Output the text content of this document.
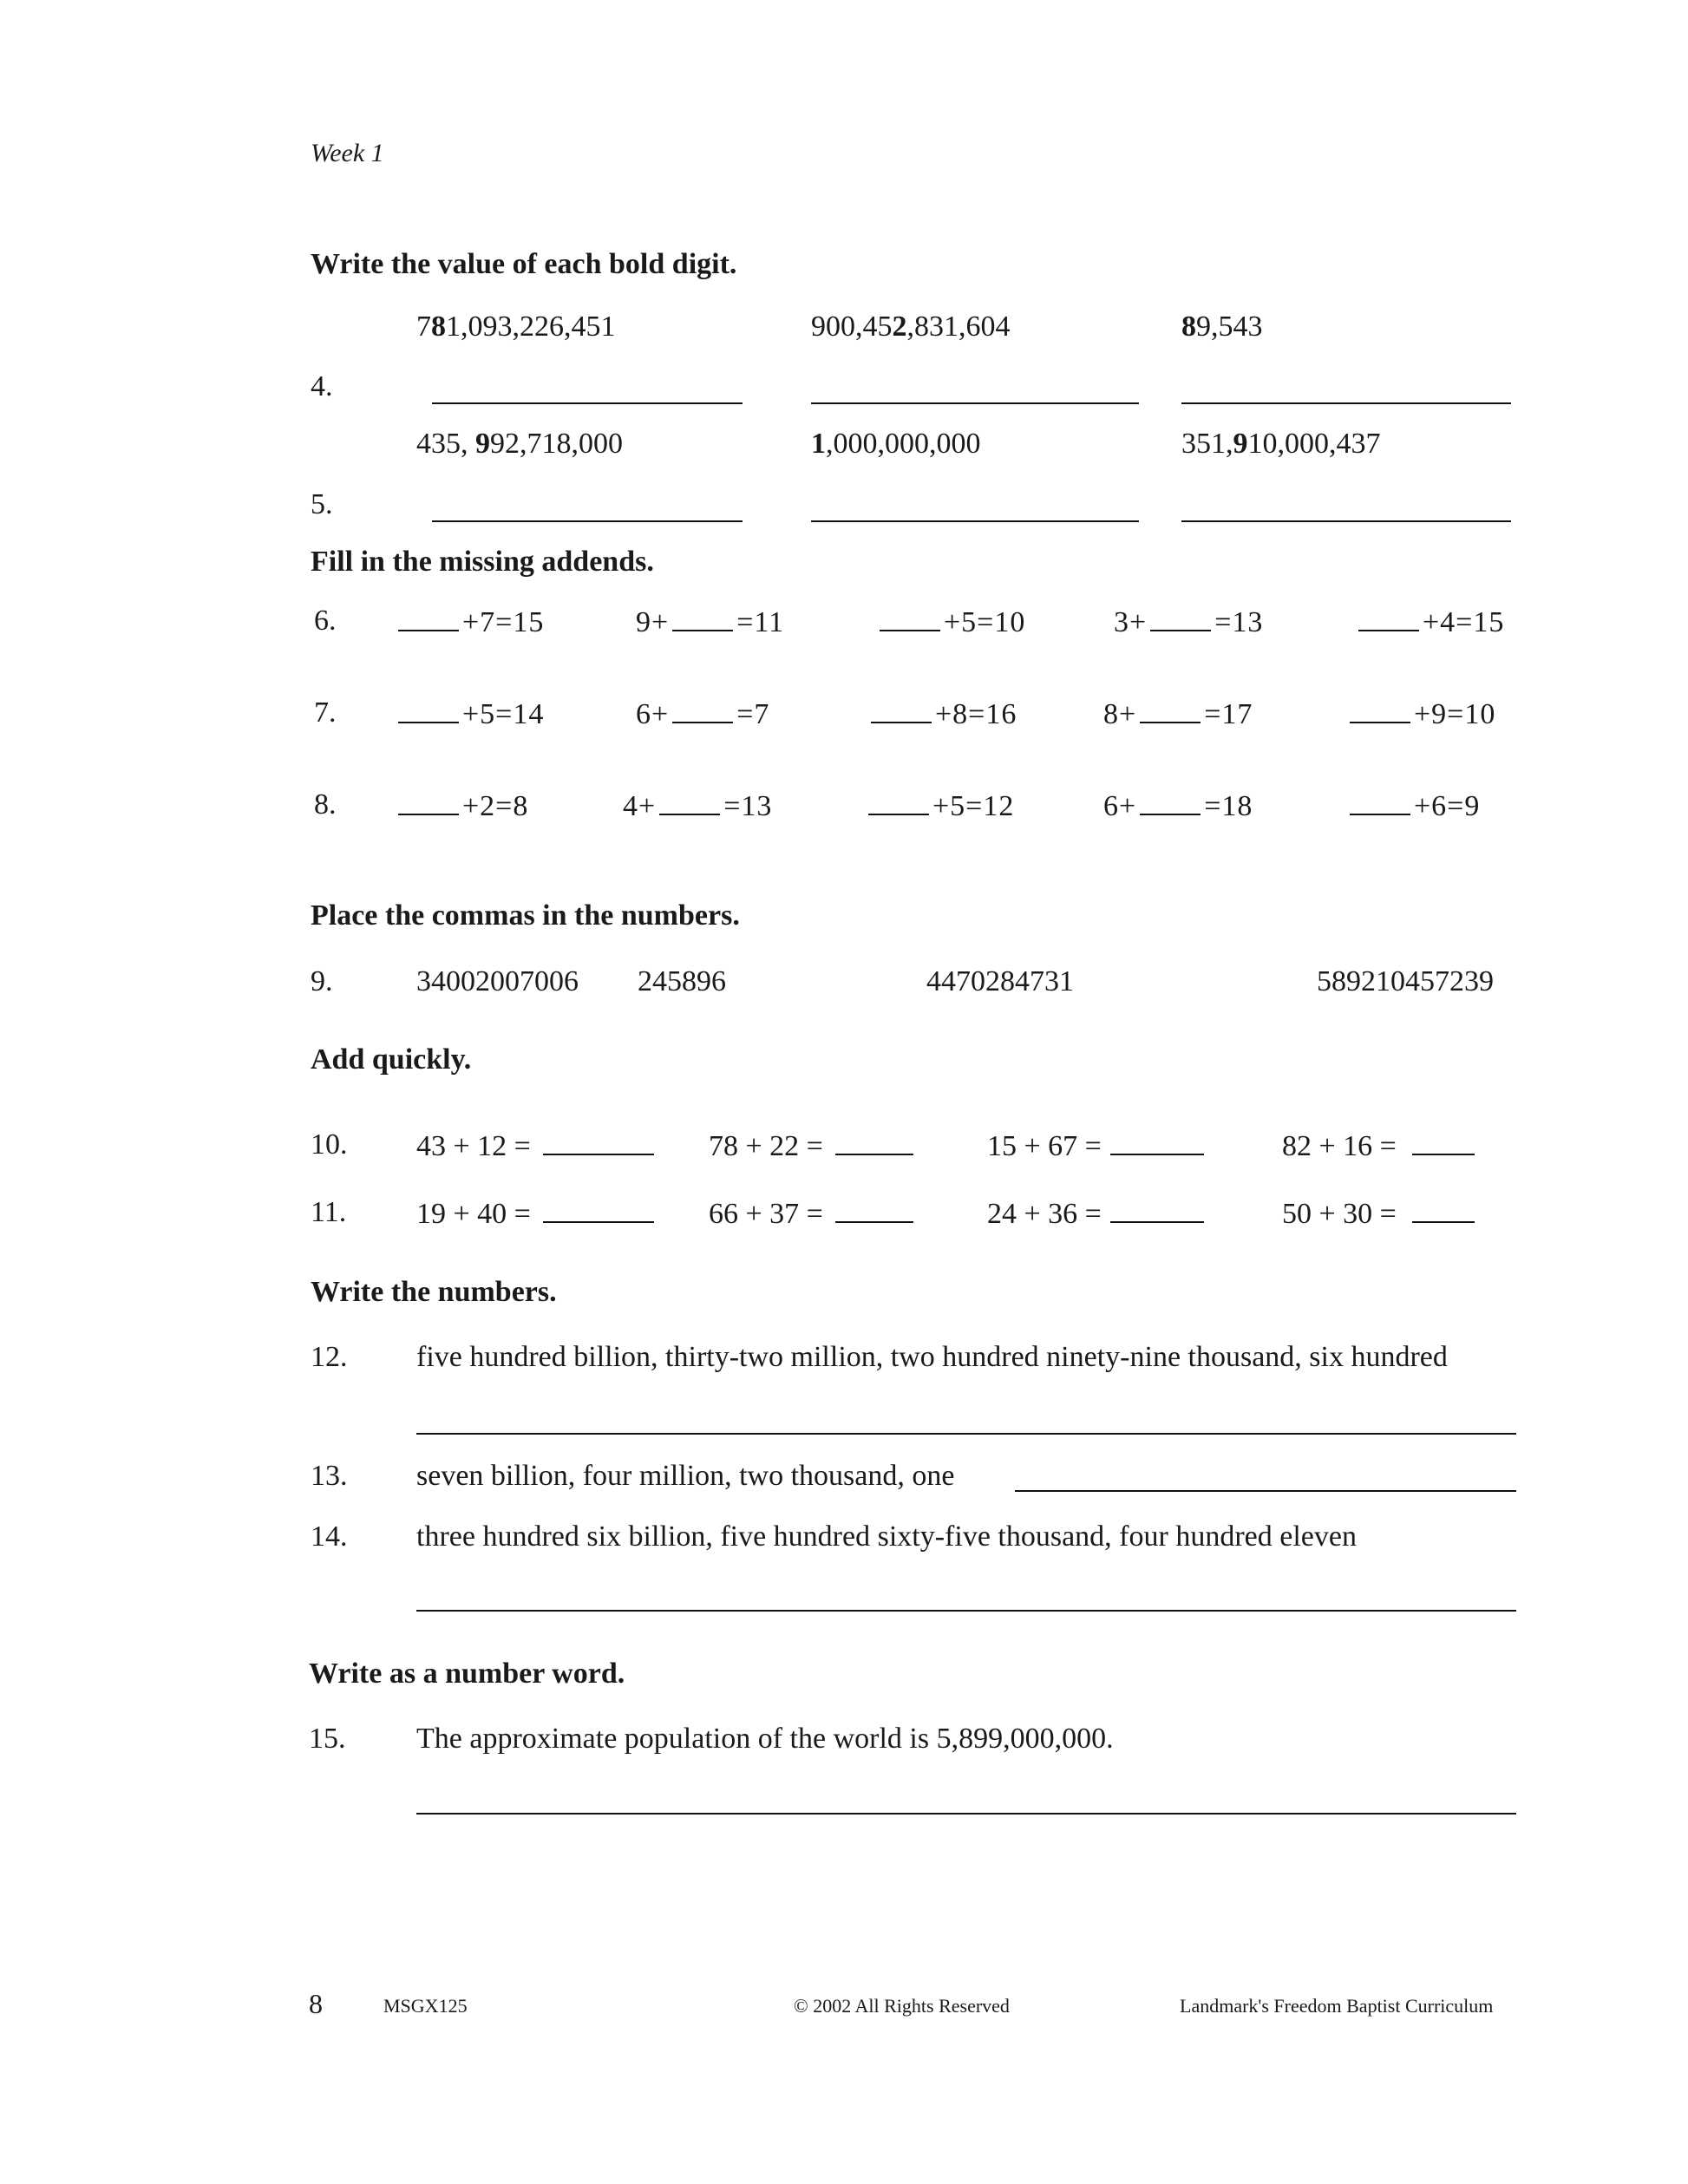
Week 1
Write the value of each bold digit.
781,093,226,451	900,452,831,604	89,543
4.
435, 992,718,000	1,000,000,000	351,910,000,437
5.
Fill in the missing addends.
6.	+7=15	9+ =11	+5=10	3+ =13	+4=15
7.	+5=14	6+ =7	+8=16	8+ =17	+9=10
8.	+2=8	4+ =13	+5=12	6+ =18	+6=9
Place the commas in the numbers.
9.	34002007006 245896	4470284731	589210457239
Add quickly.
10. 43 + 12 =	78 + 22 =	15 + 67 =	82 + 16 =
11. 19 + 40 =	66 + 37 =	24 + 36 =	50 + 30 =
Write the numbers.
12. five hundred billion, thirty-two million, two hundred ninety-nine thousand, six hundred
13. seven billion, four million, two thousand, one
14. three hundred six billion, five hundred sixty-five thousand, four hundred eleven
Write as a number word.
15. The approximate population of the world is 5,899,000,000.
8	MSGX125	© 2002 All Rights Reserved	Landmark's Freedom Baptist Curriculum
